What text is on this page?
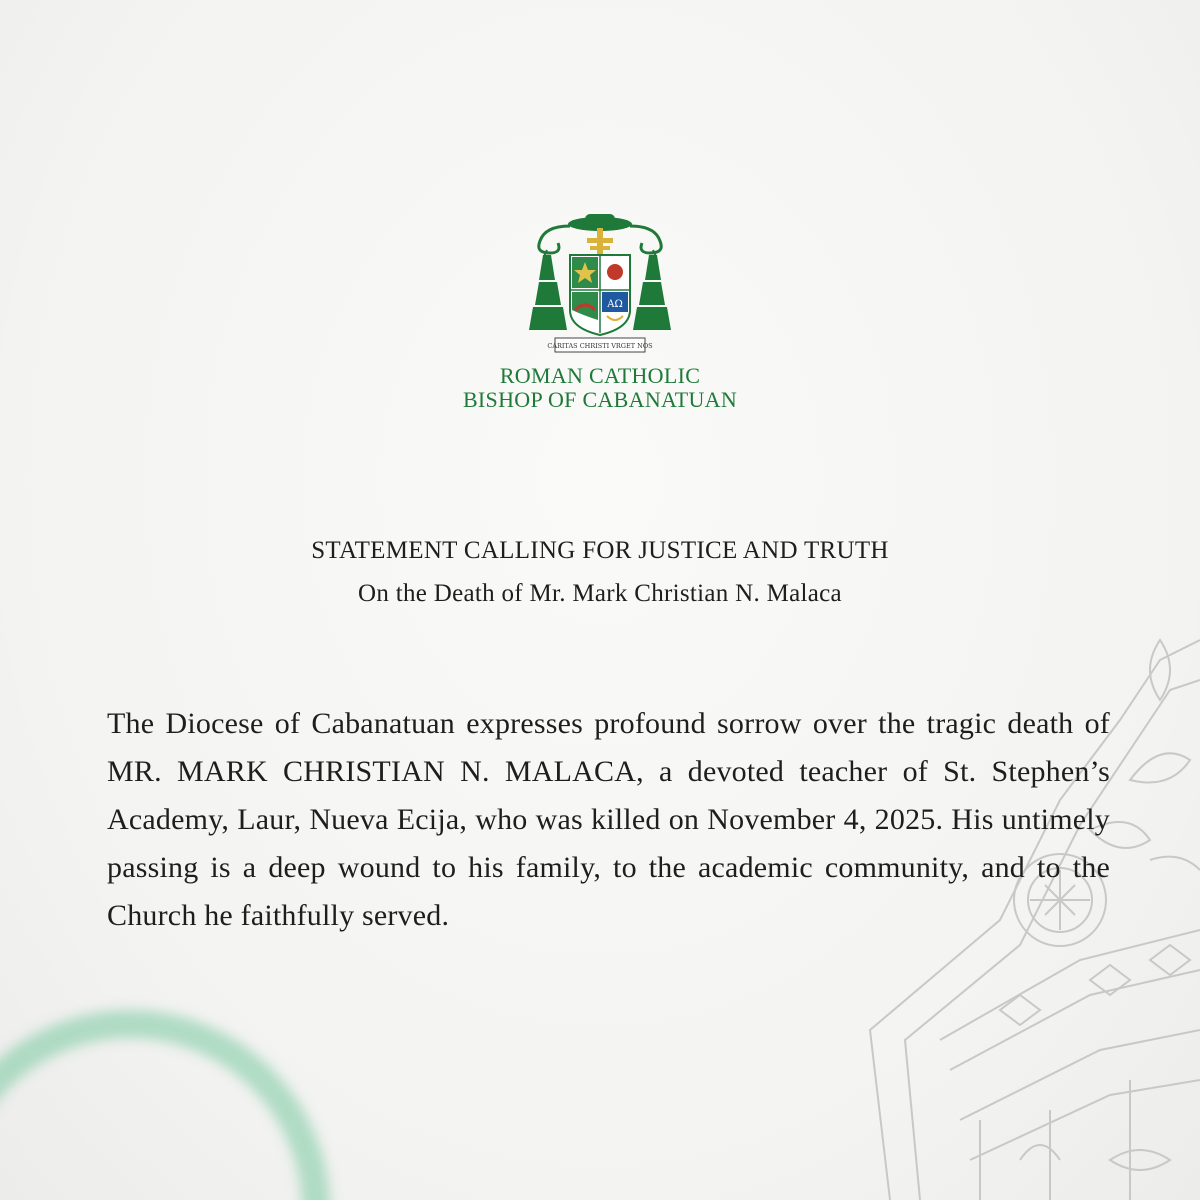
AΩ
CARITAS CHRISTI VRGET NOS
ROMAN CATHOLIC
BISHOP OF CABANATUAN
STATEMENT CALLING FOR JUSTICE AND TRUTH
On the Death of Mr. Mark Christian N. Malaca

The Diocese of Cabanatuan expresses profound sorrow over the tragic death of MR. MARK CHRISTIAN N. MALACA, a devoted teacher of St. Stephen’s Academy, Laur, Nueva Ecija, who was killed on November 4, 2025. His untimely passing is a deep wound to his family, to the academic community, and to the Church he faithfully served.
